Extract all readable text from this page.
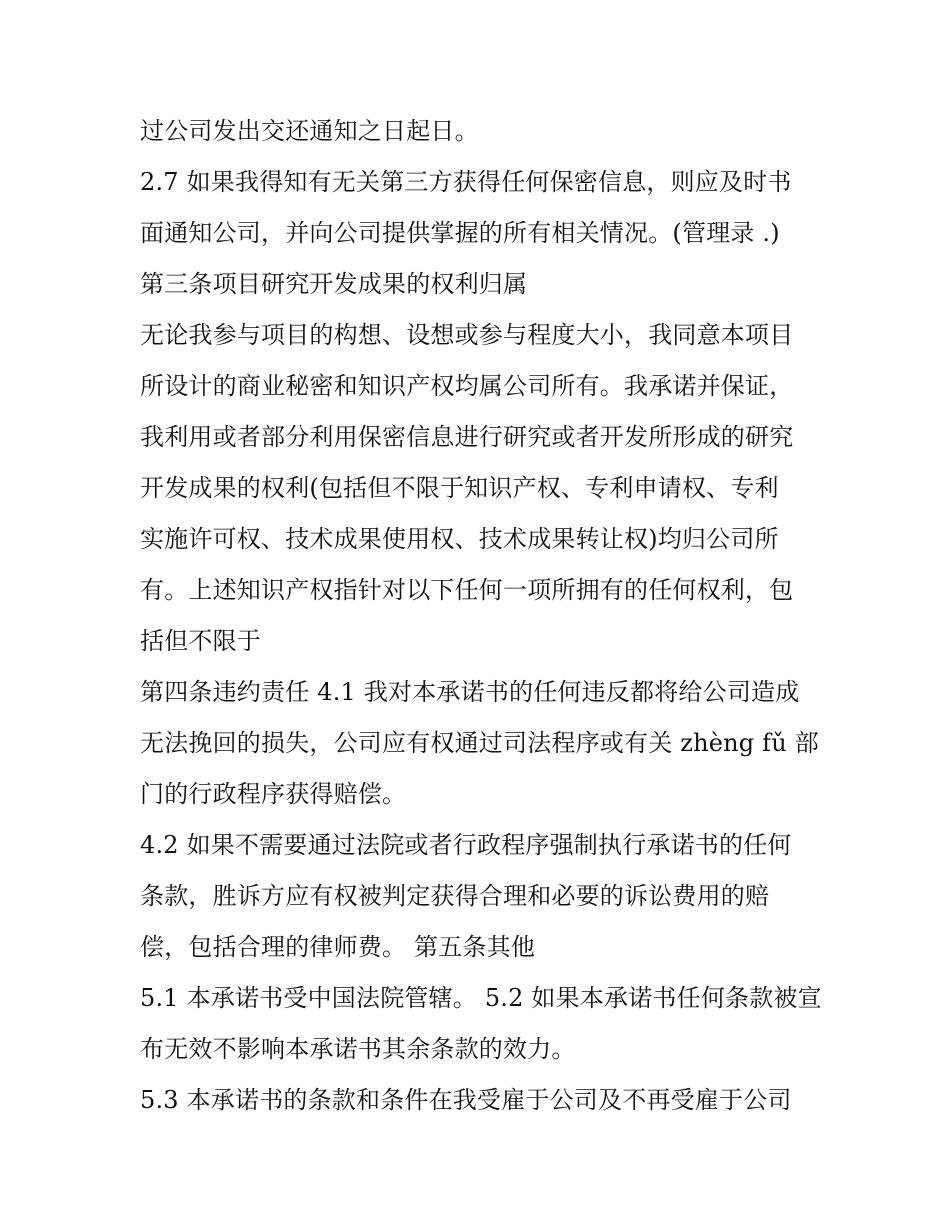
过公司发出交还通知之日起日。
2.7 如果我得知有无关第三方获得任何保密信息，则应及时书
面通知公司，并向公司提供掌握的所有相关情况。(管理录 .)
第三条项目研究开发成果的权利归属
无论我参与项目的构想、设想或参与程度大小，我同意本项目
所设计的商业秘密和知识产权均属公司所有。我承诺并保证，
我利用或者部分利用保密信息进行研究或者开发所形成的研究
开发成果的权利(包括但不限于知识产权、专利申请权、专利
实施许可权、技术成果使用权、技术成果转让权)均归公司所
有。上述知识产权指针对以下任何一项所拥有的任何权利，包
括但不限于
第四条违约责任 4.1 我对本承诺书的任何违反都将给公司造成
无法挽回的损失，公司应有权通过司法程序或有关 zhèng fǔ 部
门的行政程序获得赔偿。
4.2 如果不需要通过法院或者行政程序强制执行承诺书的任何
条款，胜诉方应有权被判定获得合理和必要的诉讼费用的赔
偿，包括合理的律师费。 第五条其他
5.1 本承诺书受中国法院管辖。 5.2 如果本承诺书任何条款被宣
布无效不影响本承诺书其余条款的效力。
5.3 本承诺书的条款和条件在我受雇于公司及不再受雇于公司
